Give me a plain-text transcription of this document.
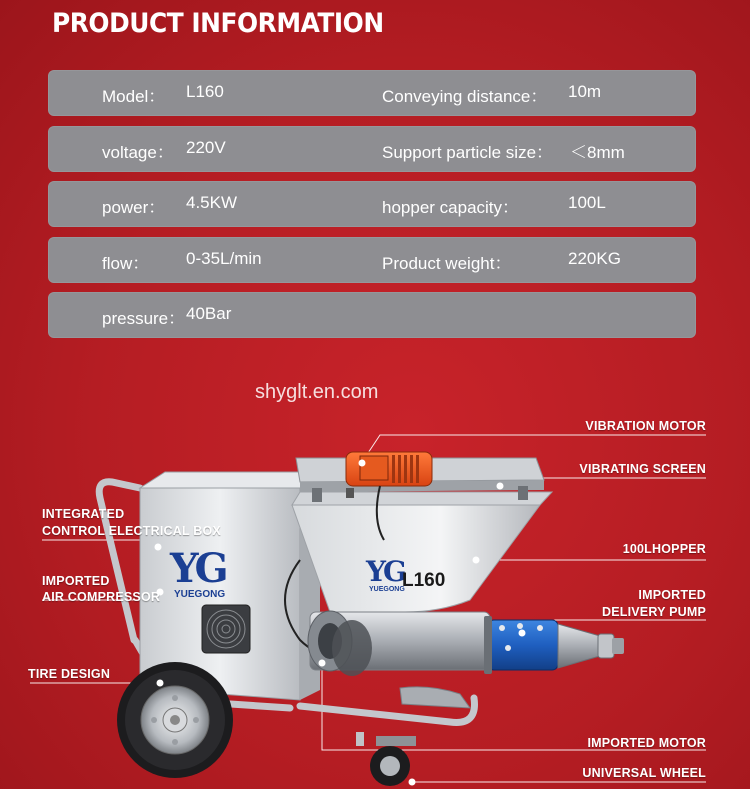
PRODUCT INFORMATION
Model： L160	Conveying distance： 10m
voltage： 220V	Support particle size： ＜8mm
power： 4.5KW	hopper capacity：	100L
flow： 0-35L/min	Product weight：	220KG
pressure： 40Bar
shyglt.en.com
YG
YUEGONG
YG
YUEGONG
L160
VIBRATION MOTOR
VIBRATING SCREEN
100LHOPPER
IMPORTED
DELIVERY PUMP
IMPORTED MOTOR
UNIVERSAL WHEEL
INTEGRATED
CONTROL ELECTRICAL BOX
IMPORTED
AIR COMPRESSOR
TIRE DESIGN
